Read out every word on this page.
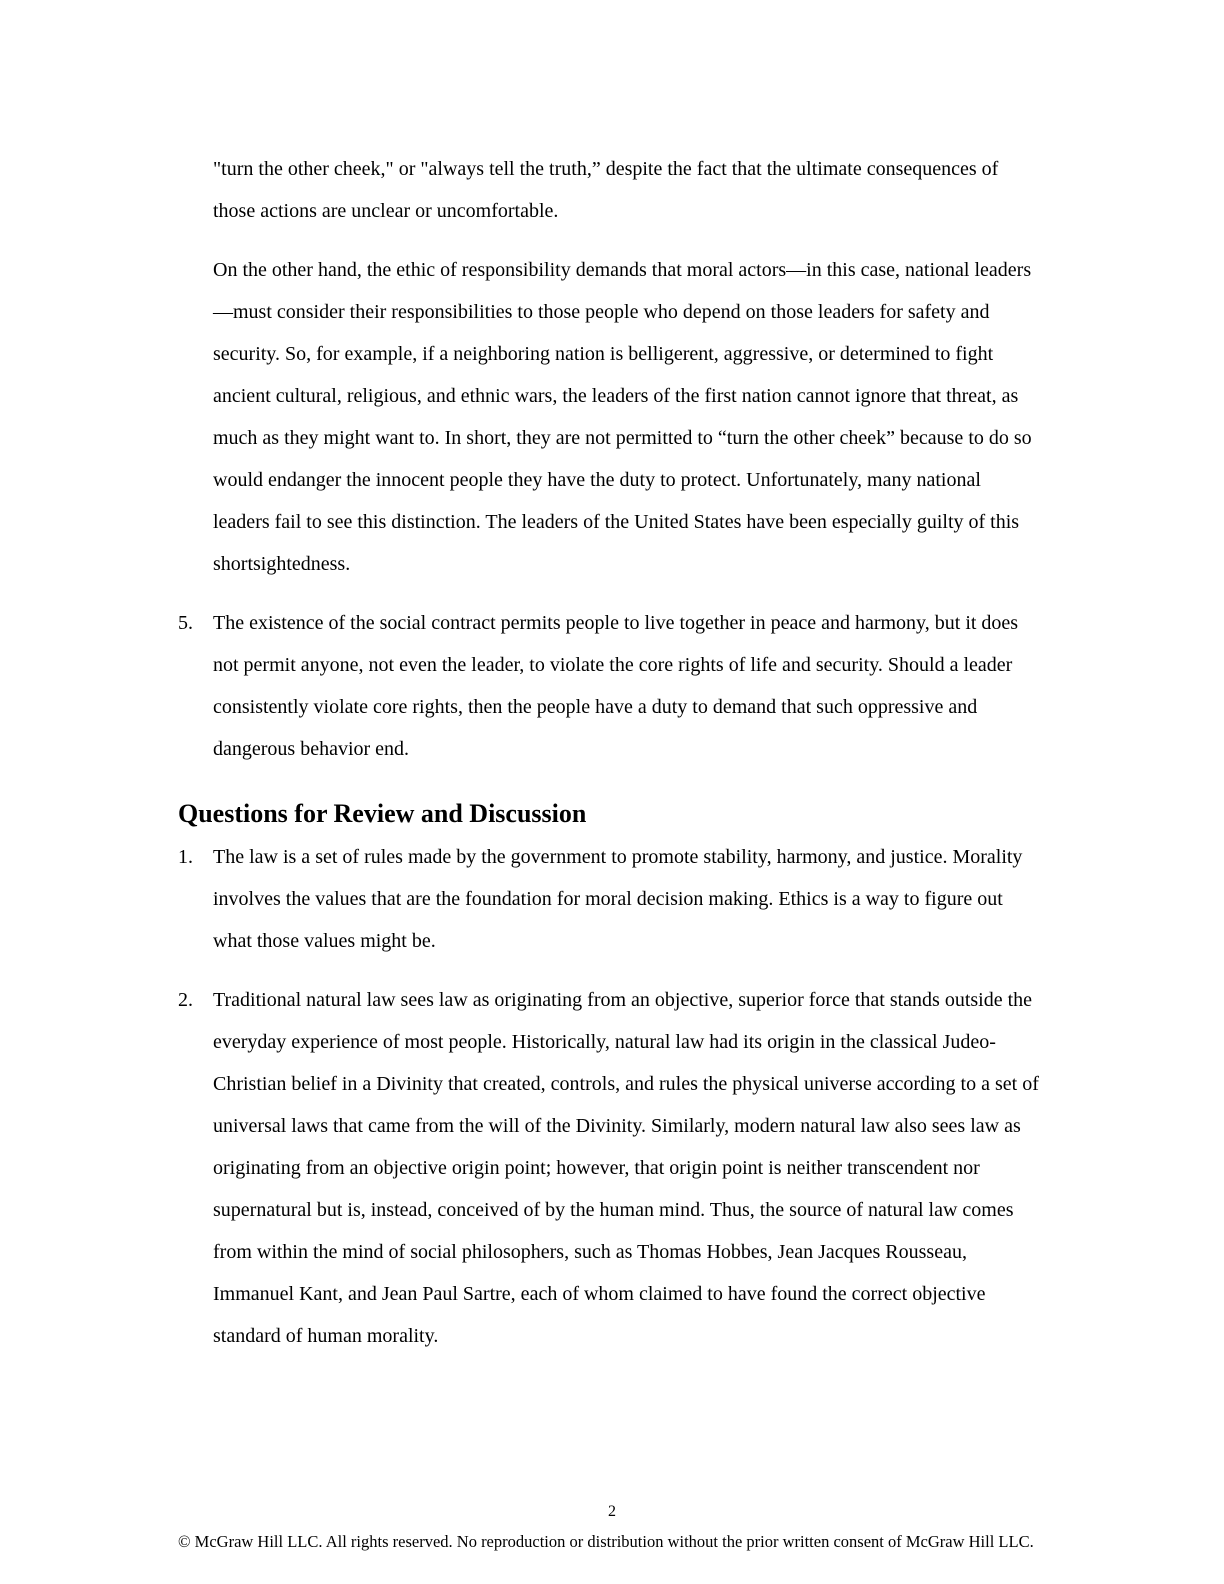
"turn the other cheek," or "always tell the truth,” despite the fact that the ultimate consequences of those actions are unclear or uncomfortable.

On the other hand, the ethic of responsibility demands that moral actors—in this case, national leaders—must consider their responsibilities to those people who depend on those leaders for safety and security. So, for example, if a neighboring nation is belligerent, aggressive, or determined to fight ancient cultural, religious, and ethnic wars, the leaders of the first nation cannot ignore that threat, as much as they might want to. In short, they are not permitted to “turn the other cheek” because to do so would endanger the innocent people they have the duty to protect. Unfortunately, many national leaders fail to see this distinction. The leaders of the United States have been especially guilty of this shortsightedness.

5.	The existence of the social contract permits people to live together in peace and harmony, but it does not permit anyone, not even the leader, to violate the core rights of life and security. Should a leader consistently violate core rights, then the people have a duty to demand that such oppressive and dangerous behavior end.
Questions for Review and Discussion
1.	The law is a set of rules made by the government to promote stability, harmony, and justice. Morality involves the values that are the foundation for moral decision making. Ethics is a way to figure out what those values might be.
2.	Traditional natural law sees law as originating from an objective, superior force that stands outside the everyday experience of most people. Historically, natural law had its origin in the classical Judeo-Christian belief in a Divinity that created, controls, and rules the physical universe according to a set of universal laws that came from the will of the Divinity. Similarly, modern natural law also sees law as originating from an objective origin point; however, that origin point is neither transcendent nor supernatural but is, instead, conceived of by the human mind. Thus, the source of natural law comes from within the mind of social philosophers, such as Thomas Hobbes, Jean Jacques Rousseau, Immanuel Kant, and Jean Paul Sartre, each of whom claimed to have found the correct objective standard of human morality.
2
© McGraw Hill LLC. All rights reserved. No reproduction or distribution without the prior written consent of McGraw Hill LLC.
